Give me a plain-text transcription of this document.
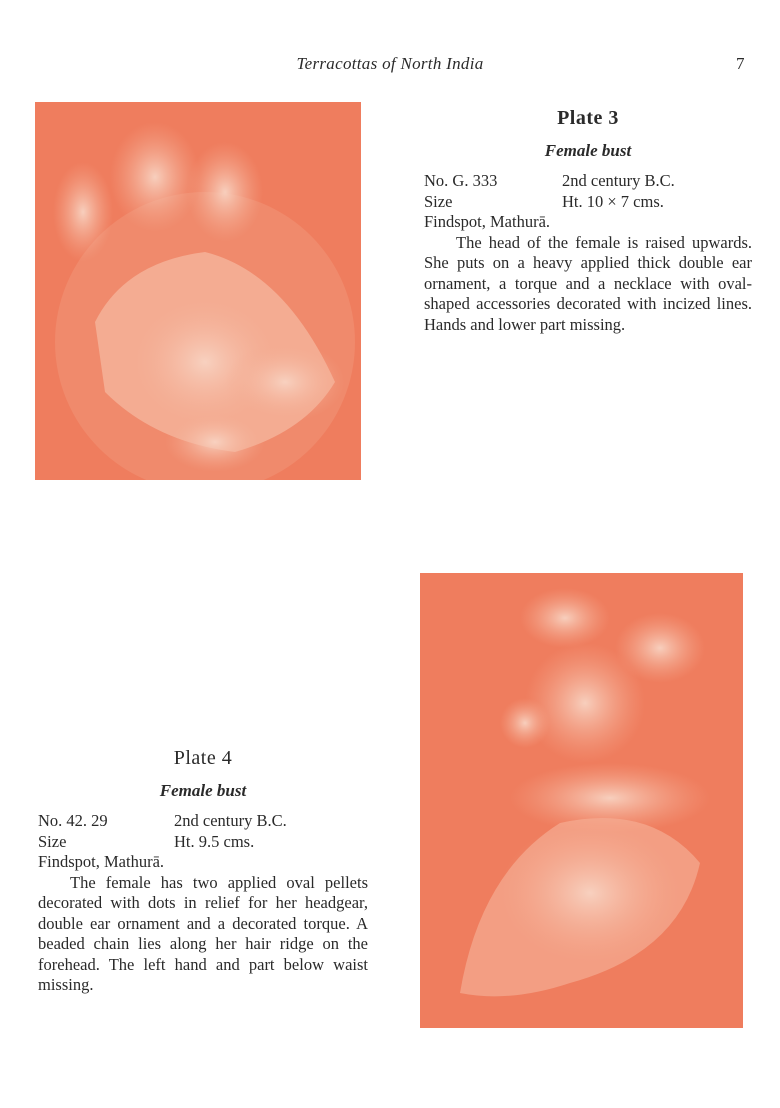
Terracottas of North India	7
Plate 3
Female bust
No. G. 333	2nd century B.C.
Size	Ht. 10 × 7 cms.
Findspot, Mathurā.

The head of the female is raised upwards. She puts on a heavy applied thick double ear ornament, a torque and a necklace with oval-shaped accessories decorated with incized lines. Hands and lower part missing.

Plate 4
Female bust
No. 42. 29	2nd century B.C.
Size	Ht. 9.5 cms.
Findspot, Mathurā.

The female has two applied oval pellets decorated with dots in relief for her headgear, double ear ornament and a decorated torque. A beaded chain lies along her hair ridge on the forehead. The left hand and part below waist missing.
